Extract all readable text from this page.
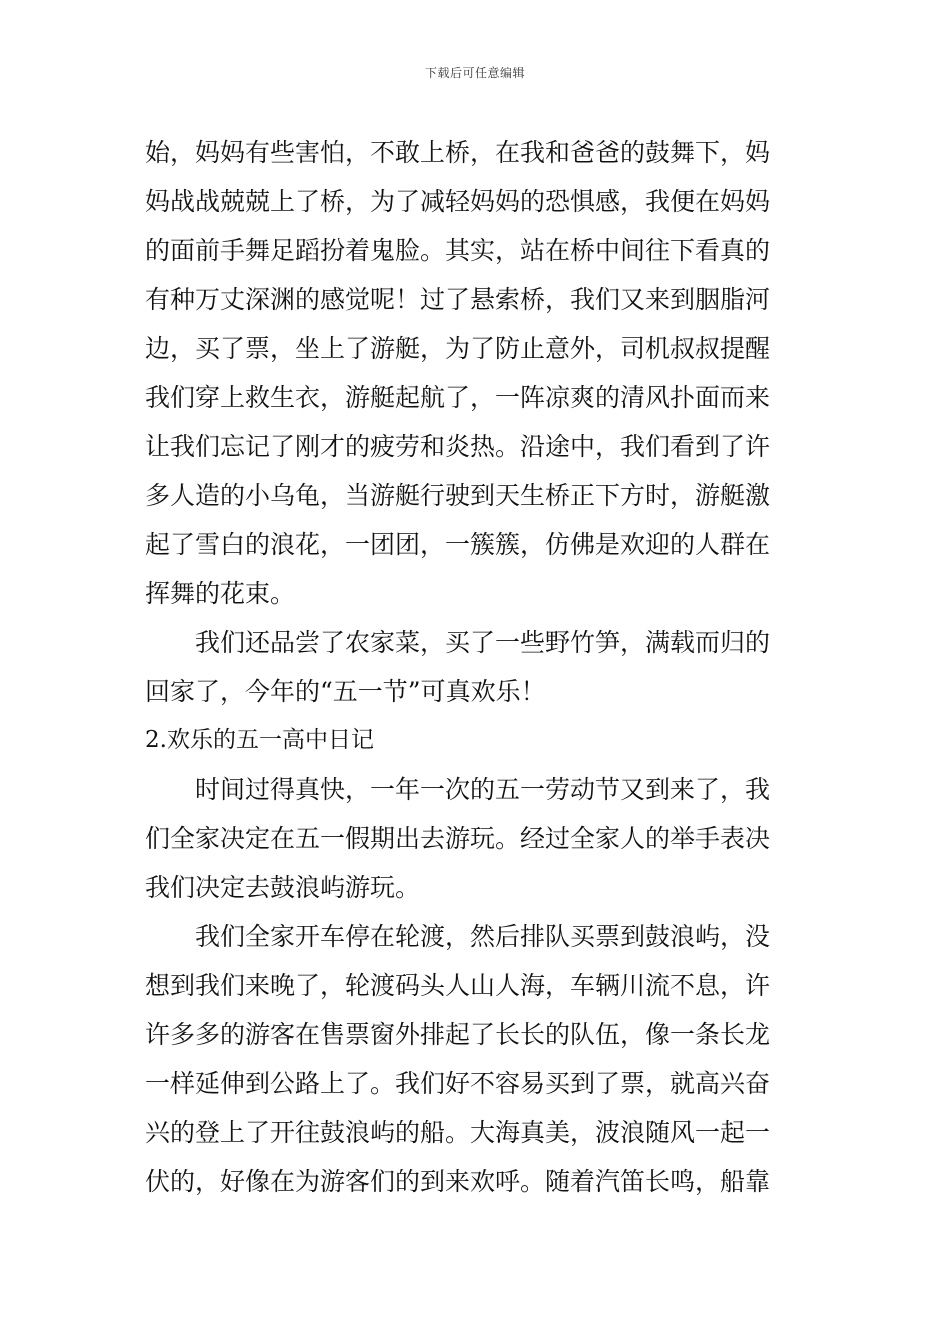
下载后可任意编辑
始，妈妈有些害怕，不敢上桥，在我和爸爸的鼓舞下，妈
妈战战兢兢上了桥，为了减轻妈妈的恐惧感，我便在妈妈
的面前手舞足蹈扮着鬼脸。其实，站在桥中间往下看真的
有种万丈深渊的感觉呢！过了悬索桥，我们又来到胭脂河
边，买了票，坐上了游艇，为了防止意外，司机叔叔提醒
我们穿上救生衣，游艇起航了，一阵凉爽的清风扑面而来
让我们忘记了刚才的疲劳和炎热。沿途中，我们看到了许
多人造的小乌龟，当游艇行驶到天生桥正下方时，游艇激
起了雪白的浪花，一团团，一簇簇，仿佛是欢迎的人群在
挥舞的花束。
　　我们还品尝了农家菜，买了一些野竹笋，满载而归的
回家了，今年的“五一节”可真欢乐！
2.欢乐的五一高中日记
　　时间过得真快，一年一次的五一劳动节又到来了，我
们全家决定在五一假期出去游玩。经过全家人的举手表决
我们决定去鼓浪屿游玩。
　　我们全家开车停在轮渡，然后排队买票到鼓浪屿，没
想到我们来晚了，轮渡码头人山人海，车辆川流不息，许
许多多的游客在售票窗外排起了长长的队伍，像一条长龙
一样延伸到公路上了。我们好不容易买到了票，就高兴奋
兴的登上了开往鼓浪屿的船。大海真美，波浪随风一起一
伏的，好像在为游客们的到来欢呼。随着汽笛长鸣，船靠
